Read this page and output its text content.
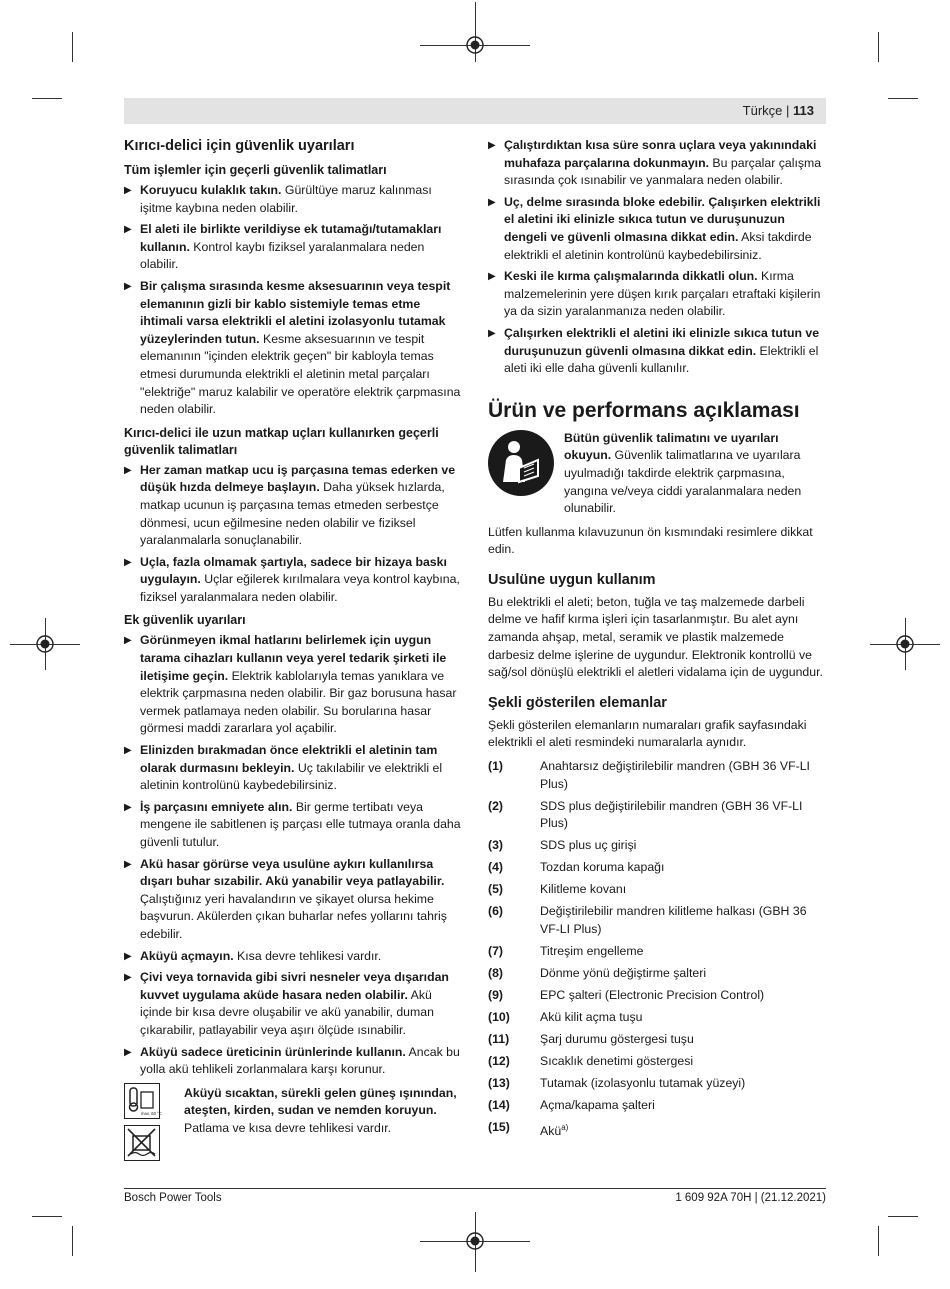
Türkçe | 113
Kırıcı-delici için güvenlik uyarıları
Tüm işlemler için geçerli güvenlik talimatları
▶ Koruyucu kulaklık takın. Gürültüye maruz kalınması işitme kaybına neden olabilir.
▶ El aleti ile birlikte verildiyse ek tutamağı/tutamakları kullanın. Kontrol kaybı fiziksel yaralanmalara neden olabilir.
▶ Bir çalışma sırasında kesme aksesuarının veya tespit elemanının gizli bir kablo sistemiyle temas etme ihtimali varsa elektrikli el aletini izolasyonlu tutamak yüzeylerinden tutun. Kesme aksesuarının ve tespit elemanının "içinden elektrik geçen" bir kabloyla temas etmesi durumunda elektrikli el aletinin metal parçaları "elektriğe" maruz kalabilir ve operatöre elektrik çarpmasına neden olabilir.
Kırıcı-delici ile uzun matkap uçları kullanırken geçerli güvenlik talimatları
▶ Her zaman matkap ucu iş parçasına temas ederken ve düşük hızda delmeye başlayın. Daha yüksek hızlarda, matkap ucunun iş parçasına temas etmeden serbestçe dönmesi, ucun eğilmesine neden olabilir ve fiziksel yaralanmalarla sonuçlanabilir.
▶ Uçla, fazla olmamak şartıyla, sadece bir hizaya baskı uygulayın. Uçlar eğilerek kırılmalara veya kontrol kaybına, fiziksel yaralanmalara neden olabilir.
Ek güvenlik uyarıları
▶ Görünmeyen ikmal hatlarını belirlemek için uygun tarama cihazları kullanın veya yerel tedarik şirketi ile iletişime geçin. Elektrik kablolarıyla temas yanıklara ve elektrik çarpmasına neden olabilir. Bir gaz borusuna hasar vermek patlamaya neden olabilir. Su borularına hasar görmesi maddi zararlara yol açabilir.
▶ Elinizden bırakmadan önce elektrikli el aletinin tam olarak durmasını bekleyin. Uç takılabilir ve elektrikli el aletinin kontrolünü kaybedebilirsiniz.
▶ İş parçasını emniyete alın. Bir germe tertibatı veya mengene ile sabitlenen iş parçası elle tutmaya oranla daha güvenli tutulur.
▶ Akü hasar görürse veya usulüne aykırı kullanılırsa dışarı buhar sızabilir. Akü yanabilir veya patlayabilir. Çalıştığınız yeri havalandırın ve şikayet olursa hekime başvurun. Akülerden çıkan buharlar nefes yollarını tahriş edebilir.
▶ Aküyü açmayın. Kısa devre tehlikesi vardır.
▶ Çivi veya tornavida gibi sivri nesneler veya dışarıdan kuvvet uygulama aküde hasara neden olabilir. Akü içinde bir kısa devre oluşabilir ve akü yanabilir, duman çıkarabilir, patlayabilir veya aşırı ölçüde ısınabilir.
▶ Aküyü sadece üreticinin ürünlerinde kullanın. Ancak bu yolla akü tehlikeli zorlanmalara karşı korunur.
max. 60 °C
Aküyü sıcaktan, sürekli gelen güneş ışınından, ateşten, kirden, sudan ve nemden koruyun. Patlama ve kısa devre tehlikesi vardır.
▶ Çalıştırdıktan kısa süre sonra uçlara veya yakınındaki muhafaza parçalarına dokunmayın. Bu parçalar çalışma sırasında çok ısınabilir ve yanmalara neden olabilir.
▶ Uç, delme sırasında bloke edebilir. Çalışırken elektrikli el aletini iki elinizle sıkıca tutun ve duruşunuzun dengeli ve güvenli olmasına dikkat edin. Aksi takdirde elektrikli el aletinin kontrolünü kaybedebilirsiniz.
▶ Keski ile kırma çalışmalarında dikkatli olun. Kırma malzemelerinin yere düşen kırık parçaları etraftaki kişilerin ya da sizin yaralanmanıza neden olabilir.
▶ Çalışırken elektrikli el aletini iki elinizle sıkıca tutun ve duruşunuzun güvenli olmasına dikkat edin. Elektrikli el aleti iki elle daha güvenli kullanılır.
Ürün ve performans açıklaması
Bütün güvenlik talimatını ve uyarıları okuyun. Güvenlik talimatlarına ve uyarılara uyulmadığı takdirde elektrik çarpmasına, yangına ve/veya ciddi yaralanmalara neden olunabilir.

Lütfen kullanma kılavuzunun ön kısmındaki resimlere dikkat edin.

Usulüne uygun kullanım

Bu elektrikli el aleti; beton, tuğla ve taş malzemede darbeli delme ve hafif kırma işleri için tasarlanmıştır. Bu alet aynı zamanda ahşap, metal, seramik ve plastik malzemede darbesiz delme işlerine de uygundur. Elektronik kontrollü ve sağ/sol dönüşlü elektrikli el aletleri vidalama için de uygundur.

Şekli gösterilen elemanlar

Şekli gösterilen elemanların numaraları grafik sayfasındaki elektrikli el aleti resmindeki numaralarla aynıdır.

(1)	Anahtarsız değiştirilebilir mandren (GBH 36 VF-LI Plus)
(2)	SDS plus değiştirilebilir mandren (GBH 36 VF-LI Plus)
(3)	SDS plus uç girişi
(4)	Tozdan koruma kapağı
(5)	Kilitleme kovanı
(6)	Değiştirilebilir mandren kilitleme halkası (GBH 36 VF-LI Plus)
(7)	Titreşim engelleme
(8)	Dönme yönü değiştirme şalteri
(9)	EPC şalteri (Electronic Precision Control)
(10)	Akü kilit açma tuşu
(11)	Şarj durumu göstergesi tuşu
(12)	Sıcaklık denetimi göstergesi
(13)	Tutamak (izolasyonlu tutamak yüzeyi)
(14)	Açma/kapama şalteri
(15)	Akü$^{a)}$
Bosch Power Tools	1 609 92A 70H | (21.12.2021)
